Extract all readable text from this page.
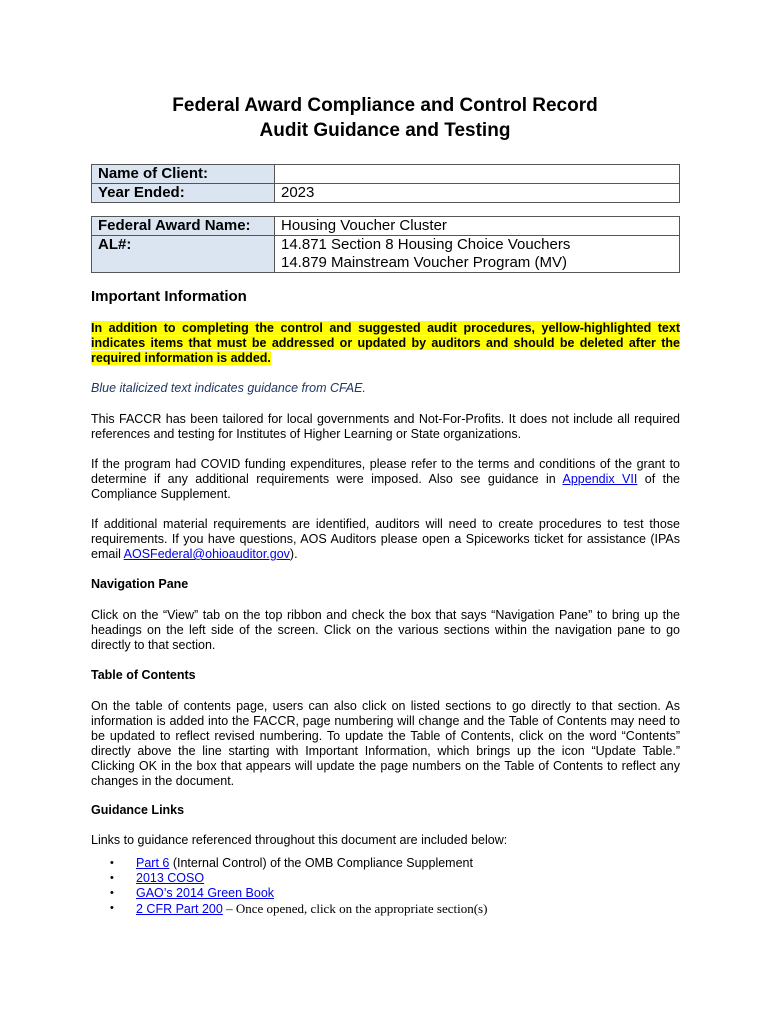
Federal Award Compliance and Control Record
Audit Guidance and Testing
Name of Client:	
Year Ended:	2023
Federal Award Name:	Housing Voucher Cluster
AL#:	14.871 Section 8 Housing Choice Vouchers
14.879 Mainstream Voucher Program (MV)
Important Information
In addition to completing the control and suggested audit procedures, yellow-highlighted text indicates items that must be addressed or updated by auditors and should be deleted after the required information is added.
Blue italicized text indicates guidance from CFAE.
This FACCR has been tailored for local governments and Not-For-Profits. It does not include all required references and testing for Institutes of Higher Learning or State organizations.
If the program had COVID funding expenditures, please refer to the terms and conditions of the grant to determine if any additional requirements were imposed. Also see guidance in Appendix VII of the Compliance Supplement.
If additional material requirements are identified, auditors will need to create procedures to test those requirements. If you have questions, AOS Auditors please open a Spiceworks ticket for assistance (IPAs email AOSFederal@ohioauditor.gov).
Navigation Pane
Click on the “View” tab on the top ribbon and check the box that says “Navigation Pane” to bring up the headings on the left side of the screen. Click on the various sections within the navigation pane to go directly to that section.
Table of Contents
On the table of contents page, users can also click on listed sections to go directly to that section. As information is added into the FACCR, page numbering will change and the Table of Contents may need to be updated to reflect revised numbering. To update the Table of Contents, click on the word “Contents” directly above the line starting with Important Information, which brings up the icon “Update Table.” Clicking OK in the box that appears will update the page numbers on the Table of Contents to reflect any changes in the document.
Guidance Links
Links to guidance referenced throughout this document are included below:
• Part 6 (Internal Control) of the OMB Compliance Supplement
• 2013 COSO
• GAO’s 2014 Green Book
• 2 CFR Part 200 – Once opened, click on the appropriate section(s)
